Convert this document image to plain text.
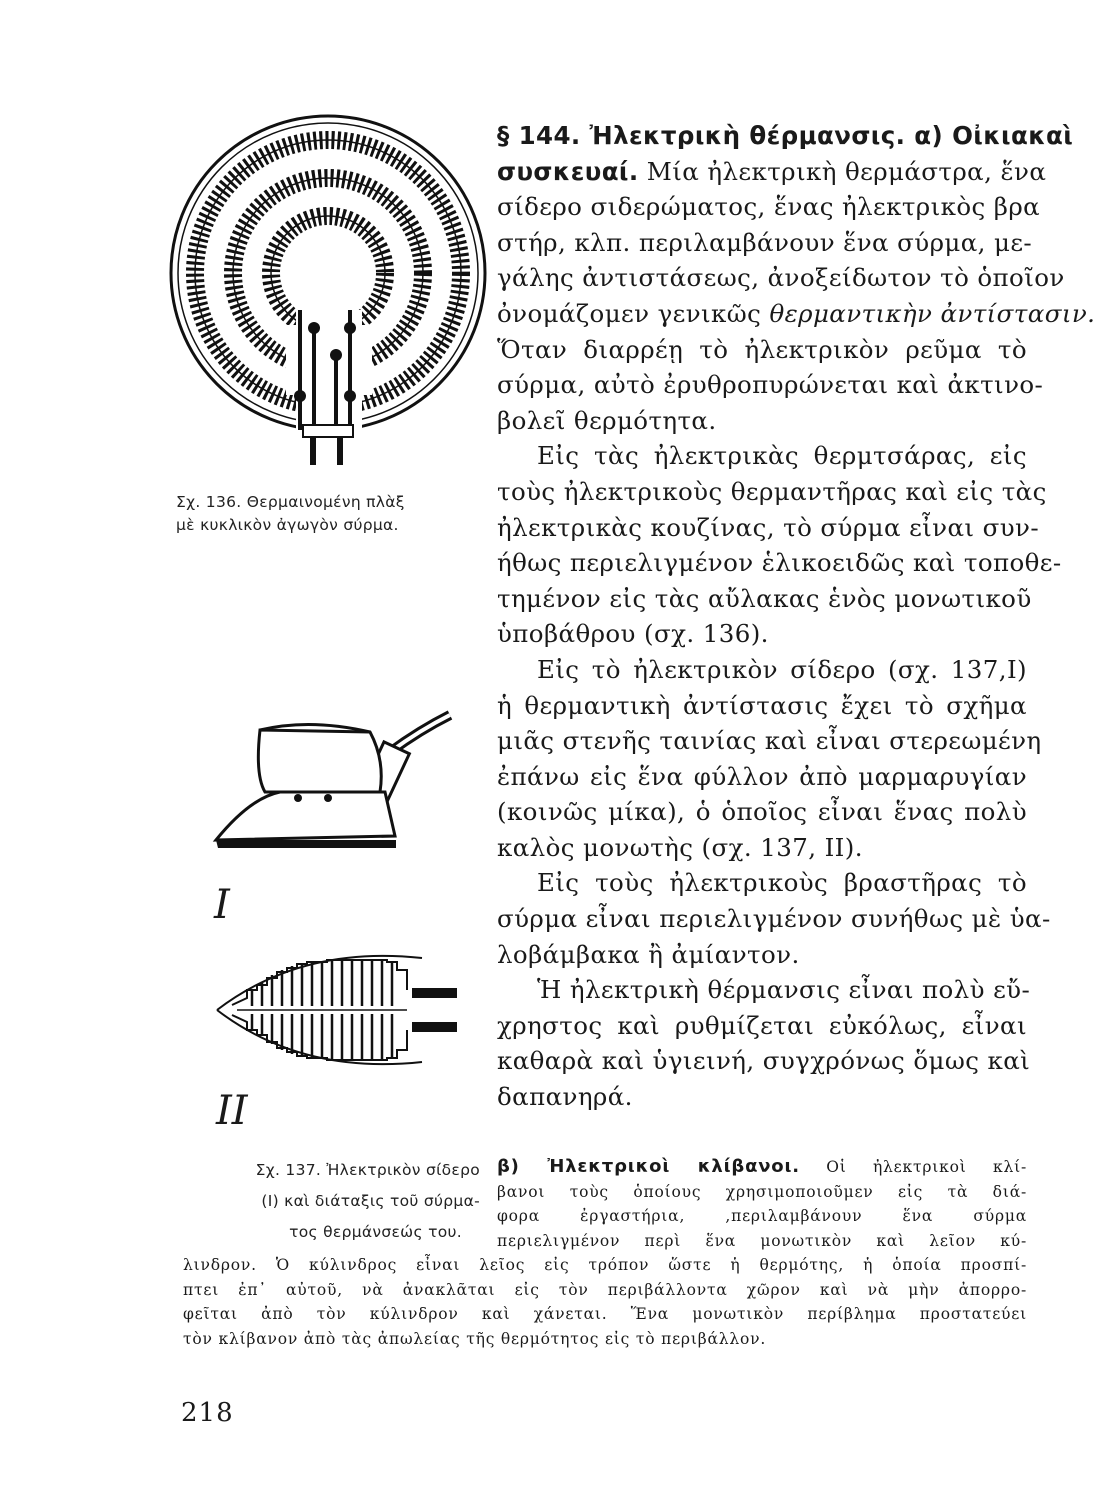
Σχ. 136. Θερμαινομένη πλὰξ
μὲ κυκλικὸν ἀγωγὸν σύρμα.
I
II
Σχ. 137. Ἠλεκτρικὸν σίδερο
(I) καὶ διάταξις τοῦ σύρμα-
τος θερμάνσεώς του.
§ 144. Ἠλεκτρικὴ θέρμανσις. α) Οἰκιακαὶ
συσκευαί. Μία ἠλεκτρικὴ θερμάστρα, ἕνα
σίδερο σιδερώματος, ἕνας ἠλεκτρικὸς βρα
στήρ, κλπ. περιλαμβάνουν ἕνα σύρμα, με-
γάλης ἀντιστάσεως, ἀνοξείδωτον τὸ ὁποῖον
ὀνομάζομεν γενικῶς θερμαντικὴν ἀντίστασιν.
Ὅταν διαρρέῃ τὸ ἠλεκτρικὸν ρεῦμα τὸ
σύρμα, αὐτὸ ἐρυθροπυρώνεται καὶ ἀκτινο-
βολεῖ θερμότητα.
Εἰς τὰς ἠλεκτρικὰς θερμτσάρας, εἰς
τοὺς ἠλεκτρικοὺς θερμαντῆρας καὶ εἰς τὰς
ἠλεκτρικὰς κουζίνας, τὸ σύρμα εἶναι συν-
ήθως περιελιγμένον ἑλικοειδῶς καὶ τοποθε-
τημένον εἰς τὰς αὔλακας ἑνὸς μονωτικοῦ
ὑποβάθρου (σχ. 136).
Εἰς τὸ ἠλεκτρικὸν σίδερο (σχ. 137,I)
ἡ θερμαντικὴ ἀντίστασις ἔχει τὸ σχῆμα
μιᾶς στενῆς ταινίας καὶ εἶναι στερεωμένη
ἐπάνω εἰς ἕνα φύλλον ἀπὸ μαρμαρυγίαν
(κοινῶς μίκα), ὁ ὁποῖος εἶναι ἕνας πολὺ
καλὸς μονωτὴς (σχ. 137, II).
Εἰς τοὺς ἠλεκτρικοὺς βραστῆρας τὸ
σύρμα εἶναι περιελιγμένον συνήθως μὲ ὑα-
λοβάμβακα ἢ ἀμίαντον.
Ἡ ἠλεκτρικὴ θέρμανσις εἶναι πολὺ εὔ-
χρηστος καὶ ρυθμίζεται εὐκόλως, εἶναι
καθαρὰ καὶ ὑγιεινή, συγχρόνως ὅμως καὶ
δαπανηρά.
β) Ἠλεκτρικοὶ κλίβανοι. Οἱ ἠλεκτρικοὶ κλί-
βανοι τοὺς ὁποίους χρησιμοποιοῦμεν εἰς τὰ διά-
φορα ἐργαστήρια, ,περιλαμβάνουν ἕνα σύρμα
περιελιγμένον περὶ ἕνα μονωτικὸν καὶ λεῖον κύ-
λινδρον. Ὁ κύλινδρος εἶναι λεῖος εἰς τρόπον ὥστε ἡ θερμότης, ἡ ὁποία προσπί-
πτει ἐπ᾽ αὐτοῦ, νὰ ἀνακλᾶται εἰς τὸν περιβάλλοντα χῶρον καὶ νὰ μὴν ἀπορρο-
φεῖται ἀπὸ τὸν κύλινδρον καὶ χάνεται. Ἕνα μονωτικὸν περίβλημα προστατεύει
τὸν κλίβανον ἀπὸ τὰς ἀπωλείας τῆς θερμότητος εἰς τὸ περιβάλλον.
218
